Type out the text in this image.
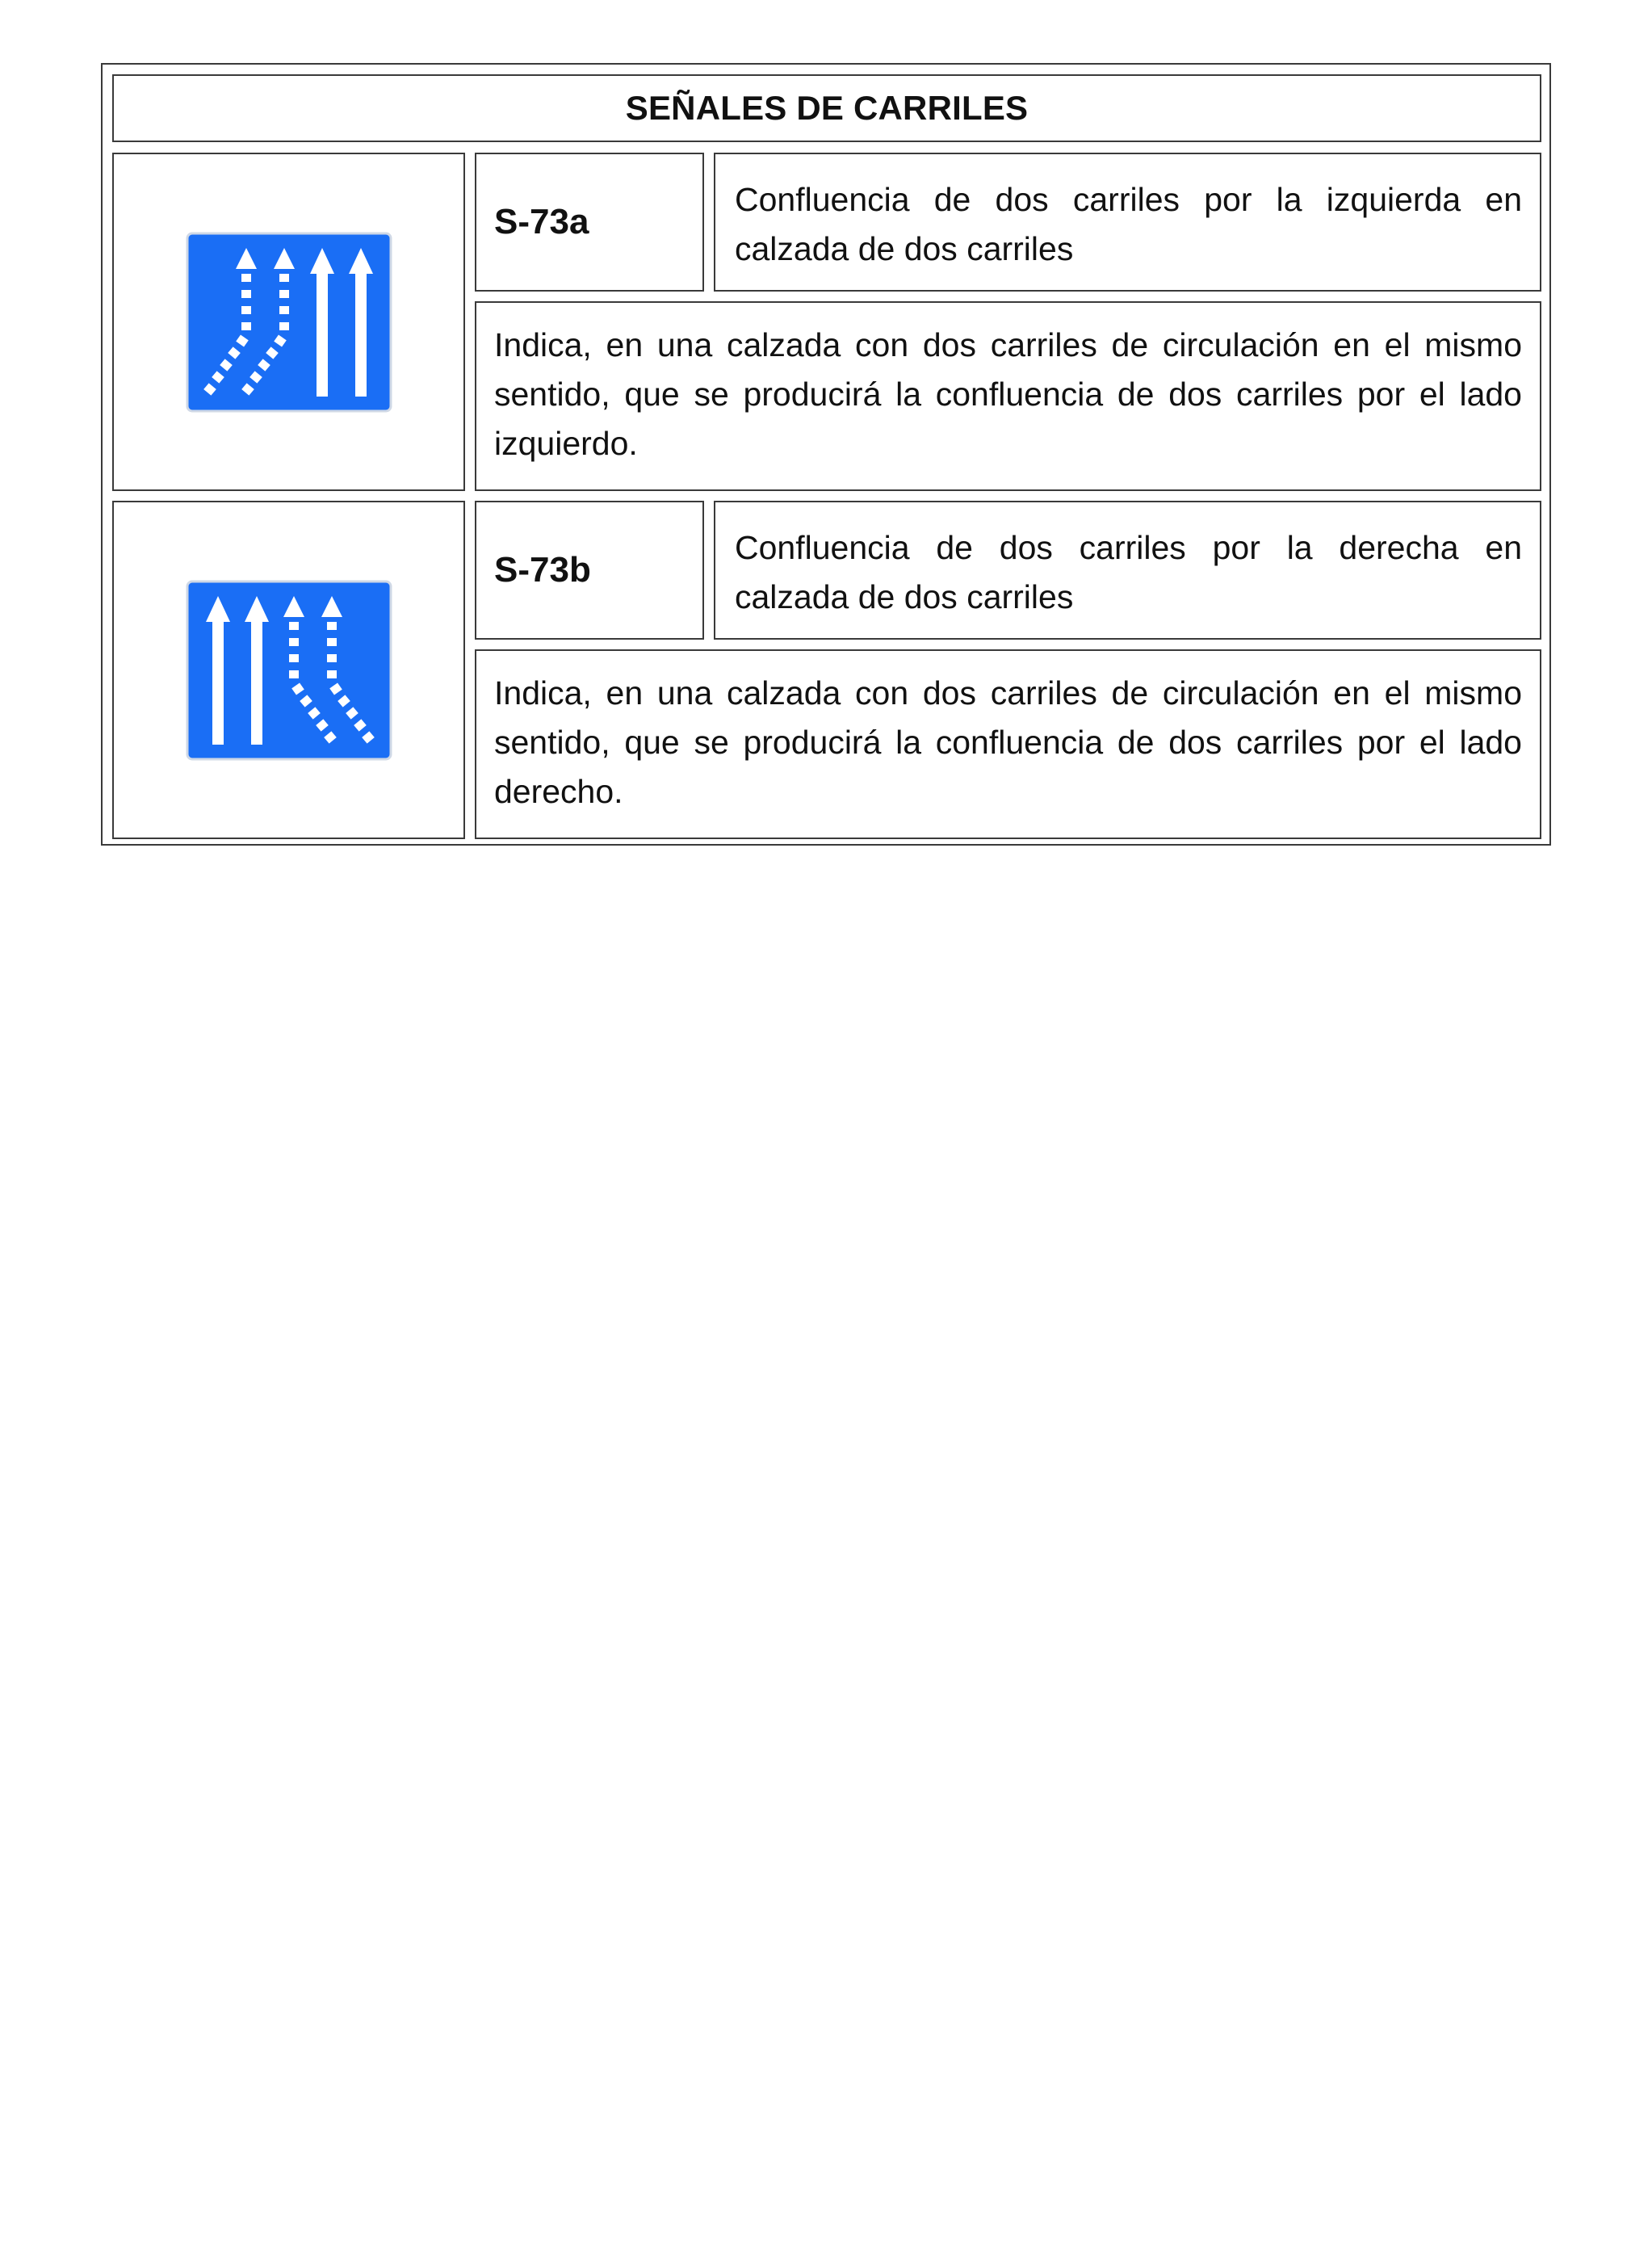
SEÑALES DE CARRILES
S-73a
Confluencia de dos carriles por la izquierda en calzada de dos carriles
Indica, en una calzada con dos carriles de circulación en el mismo sentido, que se producirá la confluencia de dos carriles por el lado izquierdo.
S-73b
Confluencia de dos carriles por la derecha en calzada de dos carriles
Indica, en una calzada con dos carriles de circulación en el mismo sentido, que se producirá la confluencia de dos carriles por el lado derecho.
